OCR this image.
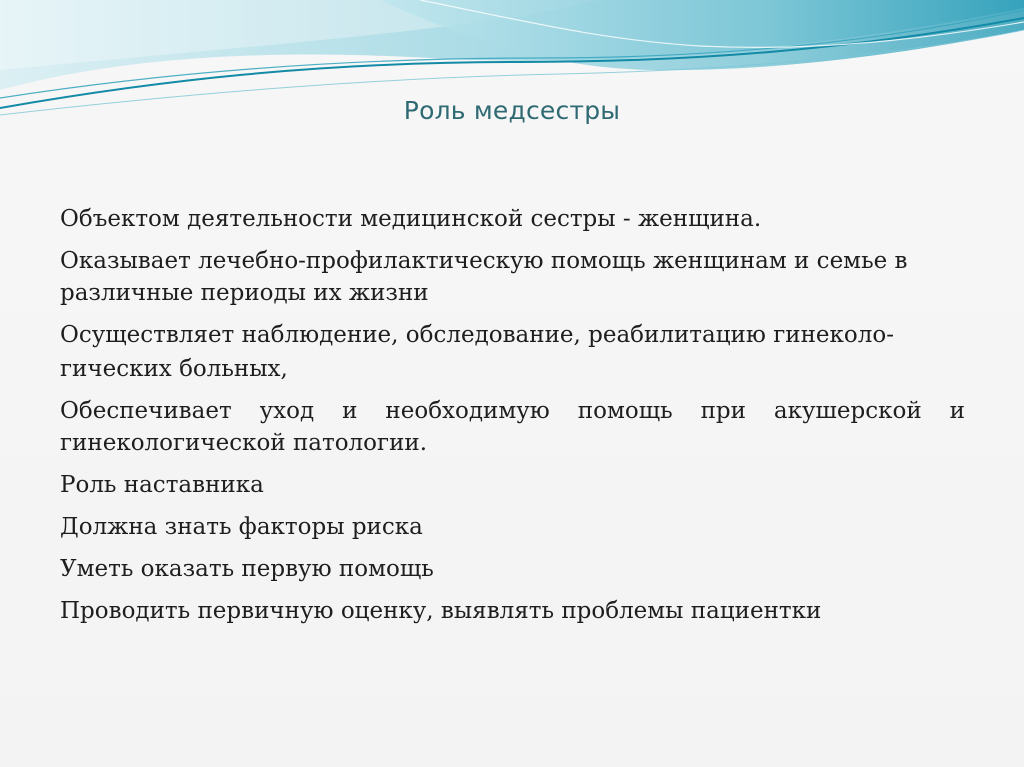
Роль медсестры

Объектом деятельности медицинской сестры - женщина.

Оказывает лечебно-профилактическую помощь женщинам и семье в различные периоды их жизни

Осуществляет наблюдение, обследование, реабилитацию гинеколо-

гических больных,

Обеспечивает уход и необходимую помощь при акушерской и

гинекологической патологии.

Роль наставника

Должна знать факторы риска

Уметь оказать первую помощь

Проводить первичную оценку, выявлять проблемы пациентки
